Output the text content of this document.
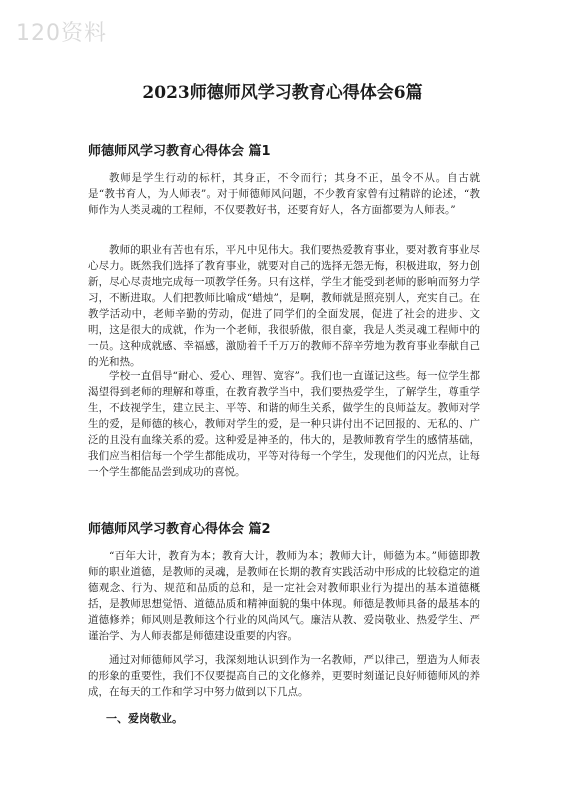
120资料
2023师德师风学习教育心得体会6篇
师德师风学习教育心得体会 篇1

教师是学生行动的标杆，其身正，不令而行；其身不正，虽令不从。自古就是“教书育人，为人师表”。对于师德师风问题，不少教育家曾有过精辟的论述，“教师作为人类灵魂的工程师，不仅要教好书，还要育好人，各方面都要为人师表。”

教师的职业有苦也有乐，平凡中见伟大。我们要热爱教育事业，要对教育事业尽心尽力。既然我们选择了教育事业，就要对自己的选择无怨无悔，积极进取，努力创新，尽心尽责地完成每一项教学任务。只有这样，学生才能受到老师的影响而努力学习，不断进取。人们把教师比喻成“蜡烛”，是啊，教师就是照亮别人，充实自己。在教学活动中，老师辛勤的劳动，促进了同学们的全面发展，促进了社会的进步、文明，这是很大的成就，作为一个老师，我很骄傲，很自豪，我是人类灵魂工程师中的一员。这种成就感、幸福感，激励着千千万万的教师不辞辛劳地为教育事业奉献自己的光和热。

学校一直倡导“耐心、爱心、理智、宽容”。我们也一直谨记这些。每一位学生都渴望得到老师的理解和尊重，在教育教学当中，我们要热爱学生，了解学生，尊重学生，不歧视学生，建立民主、平等、和谐的师生关系，做学生的良师益友。教师对学生的爱，是师德的核心，教师对学生的爱，是一种只讲付出不记回报的、无私的、广泛的且没有血缘关系的爱。这种爱是神圣的，伟大的，是教师教育学生的感情基础，我们应当相信每一个学生都能成功，平等对待每一个学生，发现他们的闪光点，让每一个学生都能品尝到成功的喜悦。

师德师风学习教育心得体会 篇2

“百年大计，教育为本；教育大计，教师为本；教师大计，师德为本。”师德即教师的职业道德，是教师的灵魂，是教师在长期的教育实践活动中形成的比较稳定的道德观念、行为、规范和品质的总和，是一定社会对教师职业行为提出的基本道德概括，是教师思想觉悟、道德品质和精神面貌的集中体现。师德是教师具备的最基本的道德修养；师风则是教师这个行业的风尚风气。廉洁从教、爱岗敬业、热爱学生、严谨治学、为人师表都是师德建设重要的内容。

通过对师德师风学习，我深刻地认识到作为一名教师，严以律己，塑造为人师表的形象的重要性，我们不仅要提高自己的文化修养，更要时刻谨记良好师德师风的养成，在每天的工作和学习中努力做到以下几点。

一、爱岗敬业。
